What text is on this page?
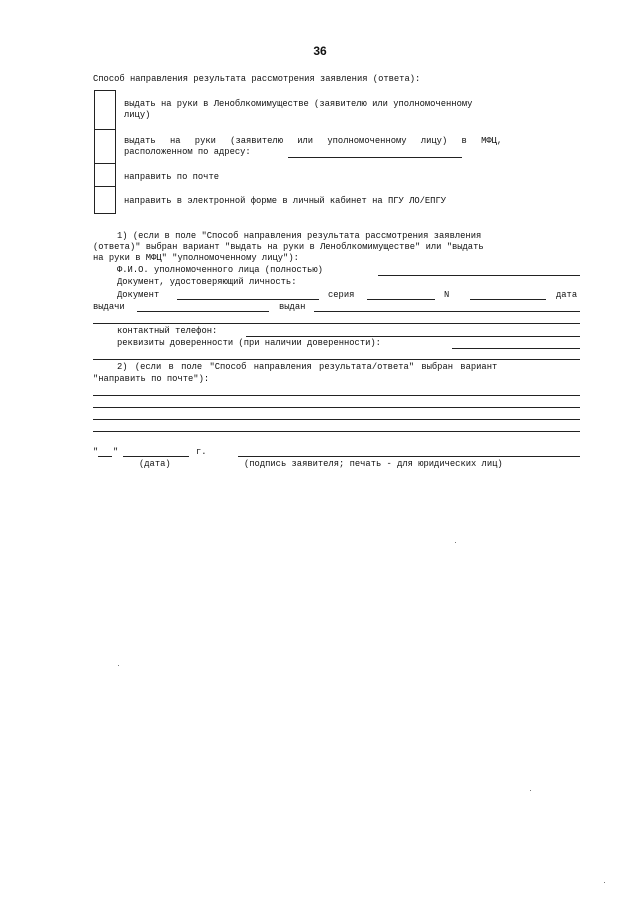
36
Способ направления результата рассмотрения заявления (ответа):
выдать на руки в Леноблкомимуществе (заявителю или уполномоченному
лицу)
выдать на руки (заявителю или уполномоченному лицу) в МФЦ,
расположенном по адресу:
направить по почте
направить в электронной форме в личный кабинет на ПГУ ЛО/ЕПГУ
1) (если в поле "Способ направления результата рассмотрения заявления
(ответа)" выбран вариант "выдать на руки в Леноблкомимуществе" или "выдать
на руки в МФЦ" "уполномоченному лицу"):
Ф.И.О. уполномоченного лица (полностью)
Документ, удостоверяющий личность:
Документ	серия	N	дата
выдачи	выдан
контактный телефон:
реквизиты доверенности (при наличии доверенности):
2) (если в поле "Способ направления результата/ответа" выбран вариант
"направить по почте"):
" "	г.
(дата)	(подпись заявителя; печать - для юридических лиц)
